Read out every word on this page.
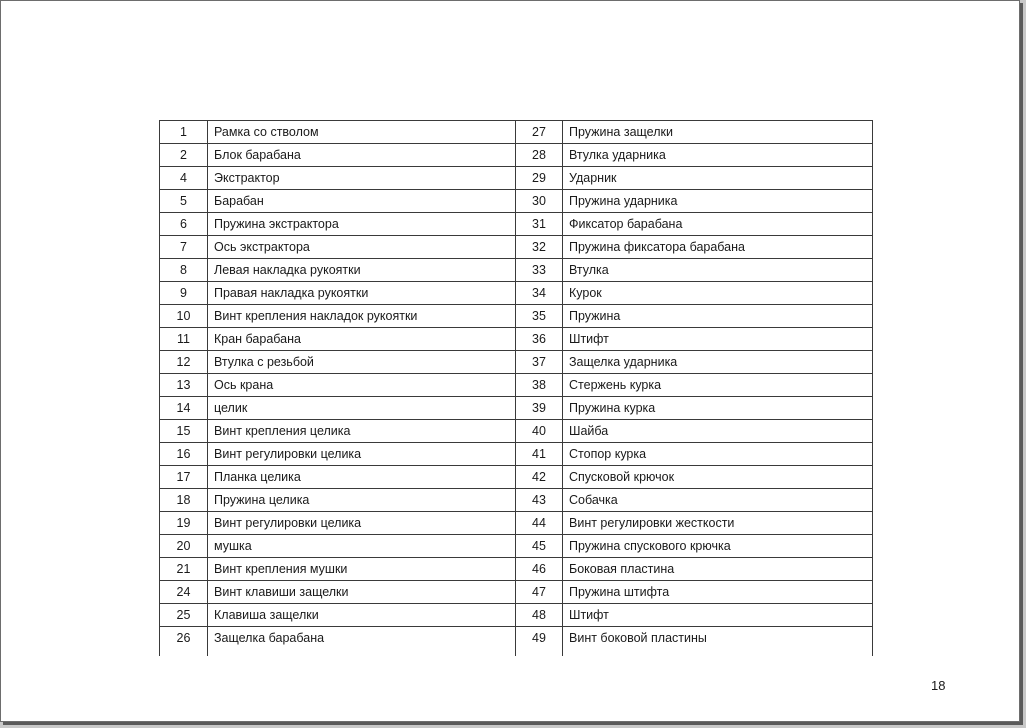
1	Рамка со стволом	27	Пружина защелки
2	Блок барабана	28	Втулка ударника
4	Экстрактор	29	Ударник
5	Барабан	30	Пружина ударника
6	Пружина экстрактора	31	Фиксатор барабана
7	Ось экстрактора	32	Пружина фиксатора барабана
8	Левая накладка рукоятки	33	Втулка
9	Правая накладка рукоятки	34	Курок
10	Винт крепления накладок рукоятки	35	Пружина
11	Кран барабана	36	Штифт
12	Втулка с резьбой	37	Защелка ударника
13	Ось крана	38	Стержень курка
14	целик	39	Пружина курка
15	Винт крепления целика	40	Шайба
16	Винт регулировки целика	41	Стопор курка
17	Планка целика	42	Спусковой крючок
18	Пружина целика	43	Собачка
19	Винт регулировки целика	44	Винт регулировки жесткости
20	мушка	45	Пружина спускового крючка
21	Винт крепления мушки	46	Боковая пластина
24	Винт клавиши защелки	47	Пружина штифта
25	Клавиша защелки	48	Штифт
26	Защелка барабана	49	Винт боковой пластины
18
